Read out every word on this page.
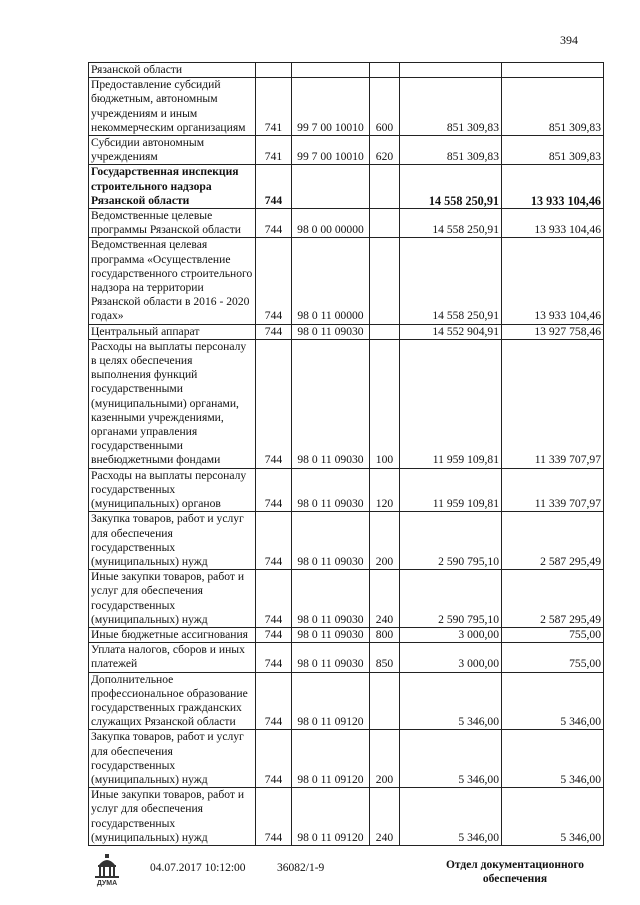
394
Рязанской области					
Предоставление субсидий бюджетным, автономным учреждениям и иным некоммерческим организациям	741	99 7 00 10010	600	851 309,83	851 309,83
Субсидии автономным учреждениям	741	99 7 00 10010	620	851 309,83	851 309,83
Государственная инспекция строительного надзора Рязанской области	744			14 558 250,91	13 933 104,46
Ведомственные целевые программы Рязанской области	744	98 0 00 00000		14 558 250,91	13 933 104,46
Ведомственная целевая программа «Осуществление государственного строительного надзора на территории Рязанской области в 2016 - 2020 годах»	744	98 0 11 00000		14 558 250,91	13 933 104,46
Центральный аппарат	744	98 0 11 09030		14 552 904,91	13 927 758,46
Расходы на выплаты персоналу в целях обеспечения выполнения функций государственными (муниципальными) органами, казенными учреждениями, органами управления государственными внебюджетными фондами	744	98 0 11 09030	100	11 959 109,81	11 339 707,97
Расходы на выплаты персоналу государственных (муниципальных) органов	744	98 0 11 09030	120	11 959 109,81	11 339 707,97
Закупка товаров, работ и услуг для обеспечения государственных (муниципальных) нужд	744	98 0 11 09030	200	2 590 795,10	2 587 295,49
Иные закупки товаров, работ и услуг для обеспечения государственных (муниципальных) нужд	744	98 0 11 09030	240	2 590 795,10	2 587 295,49
Иные бюджетные ассигнования	744	98 0 11 09030	800	3 000,00	755,00
Уплата налогов, сборов и иных платежей	744	98 0 11 09030	850	3 000,00	755,00
Дополнительное профессиональное образование государственных гражданских служащих Рязанской области	744	98 0 11 09120		5 346,00	5 346,00
Закупка товаров, работ и услуг для обеспечения государственных (муниципальных) нужд	744	98 0 11 09120	200	5 346,00	5 346,00
Иные закупки товаров, работ и услуг для обеспечения государственных (муниципальных) нужд	744	98 0 11 09120	240	5 346,00	5 346,00
ДУМА
04.07.2017 10:12:00	36082/1-9	Отдел документационного
обеспечения
